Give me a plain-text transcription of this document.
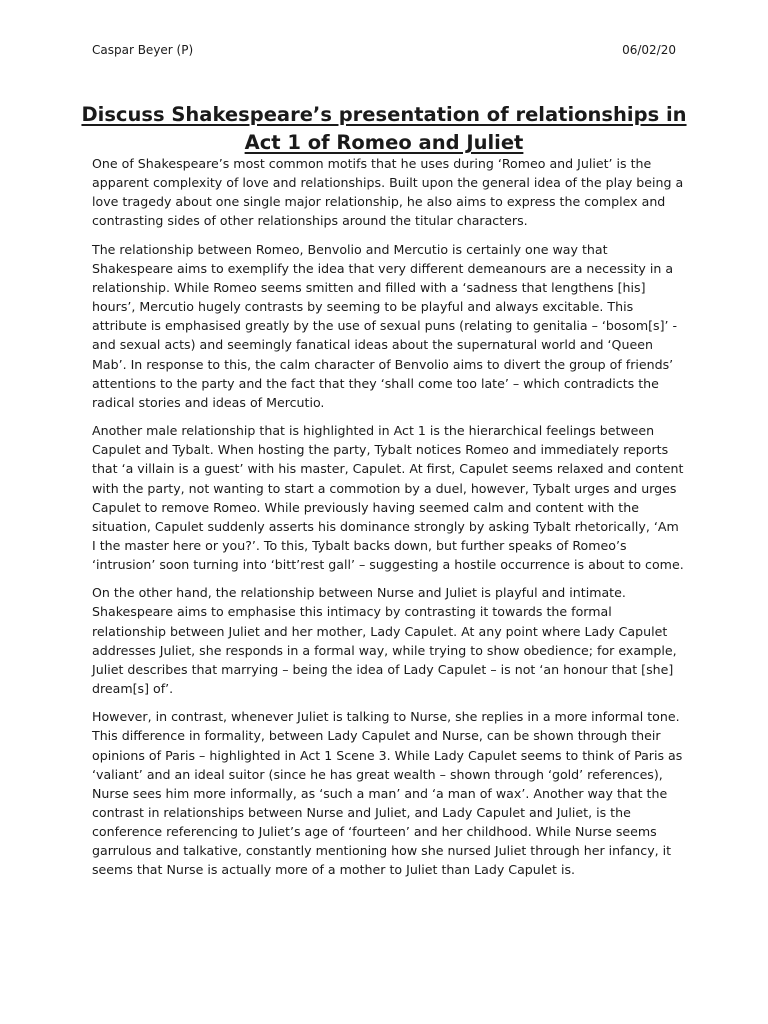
Caspar Beyer (P)	06/02/20
Discuss Shakespeare’s presentation of relationships in Act 1 of Romeo and Juliet

One of Shakespeare’s most common motifs that he uses during ‘Romeo and Juliet’ is the apparent complexity of love and relationships. Built upon the general idea of the play being a love tragedy about one single major relationship, he also aims to express the complex and contrasting sides of other relationships around the titular characters.

The relationship between Romeo, Benvolio and Mercutio is certainly one way that Shakespeare aims to exemplify the idea that very different demeanours are a necessity in a relationship. While Romeo seems smitten and filled with a ‘sadness that lengthens [his] hours’, Mercutio hugely contrasts by seeming to be playful and always excitable. This attribute is emphasised greatly by the use of sexual puns (relating to genitalia – ‘bosom[s]’ - and sexual acts) and seemingly fanatical ideas about the supernatural world and ‘Queen Mab’. In response to this, the calm character of Benvolio aims to divert the group of friends’ attentions to the party and the fact that they ‘shall come too late’ – which contradicts the radical stories and ideas of Mercutio.

Another male relationship that is highlighted in Act 1 is the hierarchical feelings between Capulet and Tybalt. When hosting the party, Tybalt notices Romeo and immediately reports that ‘a villain is a guest’ with his master, Capulet. At first, Capulet seems relaxed and content with the party, not wanting to start a commotion by a duel, however, Tybalt urges and urges Capulet to remove Romeo. While previously having seemed calm and content with the situation, Capulet suddenly asserts his dominance strongly by asking Tybalt rhetorically, ‘Am I the master here or you?’. To this, Tybalt backs down, but further speaks of Romeo’s ‘intrusion’ soon turning into ‘bitt’rest gall’ – suggesting a hostile occurrence is about to come.

On the other hand, the relationship between Nurse and Juliet is playful and intimate. Shakespeare aims to emphasise this intimacy by contrasting it towards the formal relationship between Juliet and her mother, Lady Capulet. At any point where Lady Capulet addresses Juliet, she responds in a formal way, while trying to show obedience; for example, Juliet describes that marrying – being the idea of Lady Capulet – is not ‘an honour that [she] dream[s] of’.

However, in contrast, whenever Juliet is talking to Nurse, she replies in a more informal tone. This difference in formality, between Lady Capulet and Nurse, can be shown through their opinions of Paris – highlighted in Act 1 Scene 3. While Lady Capulet seems to think of Paris as ‘valiant’ and an ideal suitor (since he has great wealth – shown through ‘gold’ references), Nurse sees him more informally, as ‘such a man’ and ‘a man of wax’. Another way that the contrast in relationships between Nurse and Juliet, and Lady Capulet and Juliet, is the conference referencing to Juliet’s age of ‘fourteen’ and her childhood. While Nurse seems garrulous and talkative, constantly mentioning how she nursed Juliet through her infancy, it seems that Nurse is actually more of a mother to Juliet than Lady Capulet is.
